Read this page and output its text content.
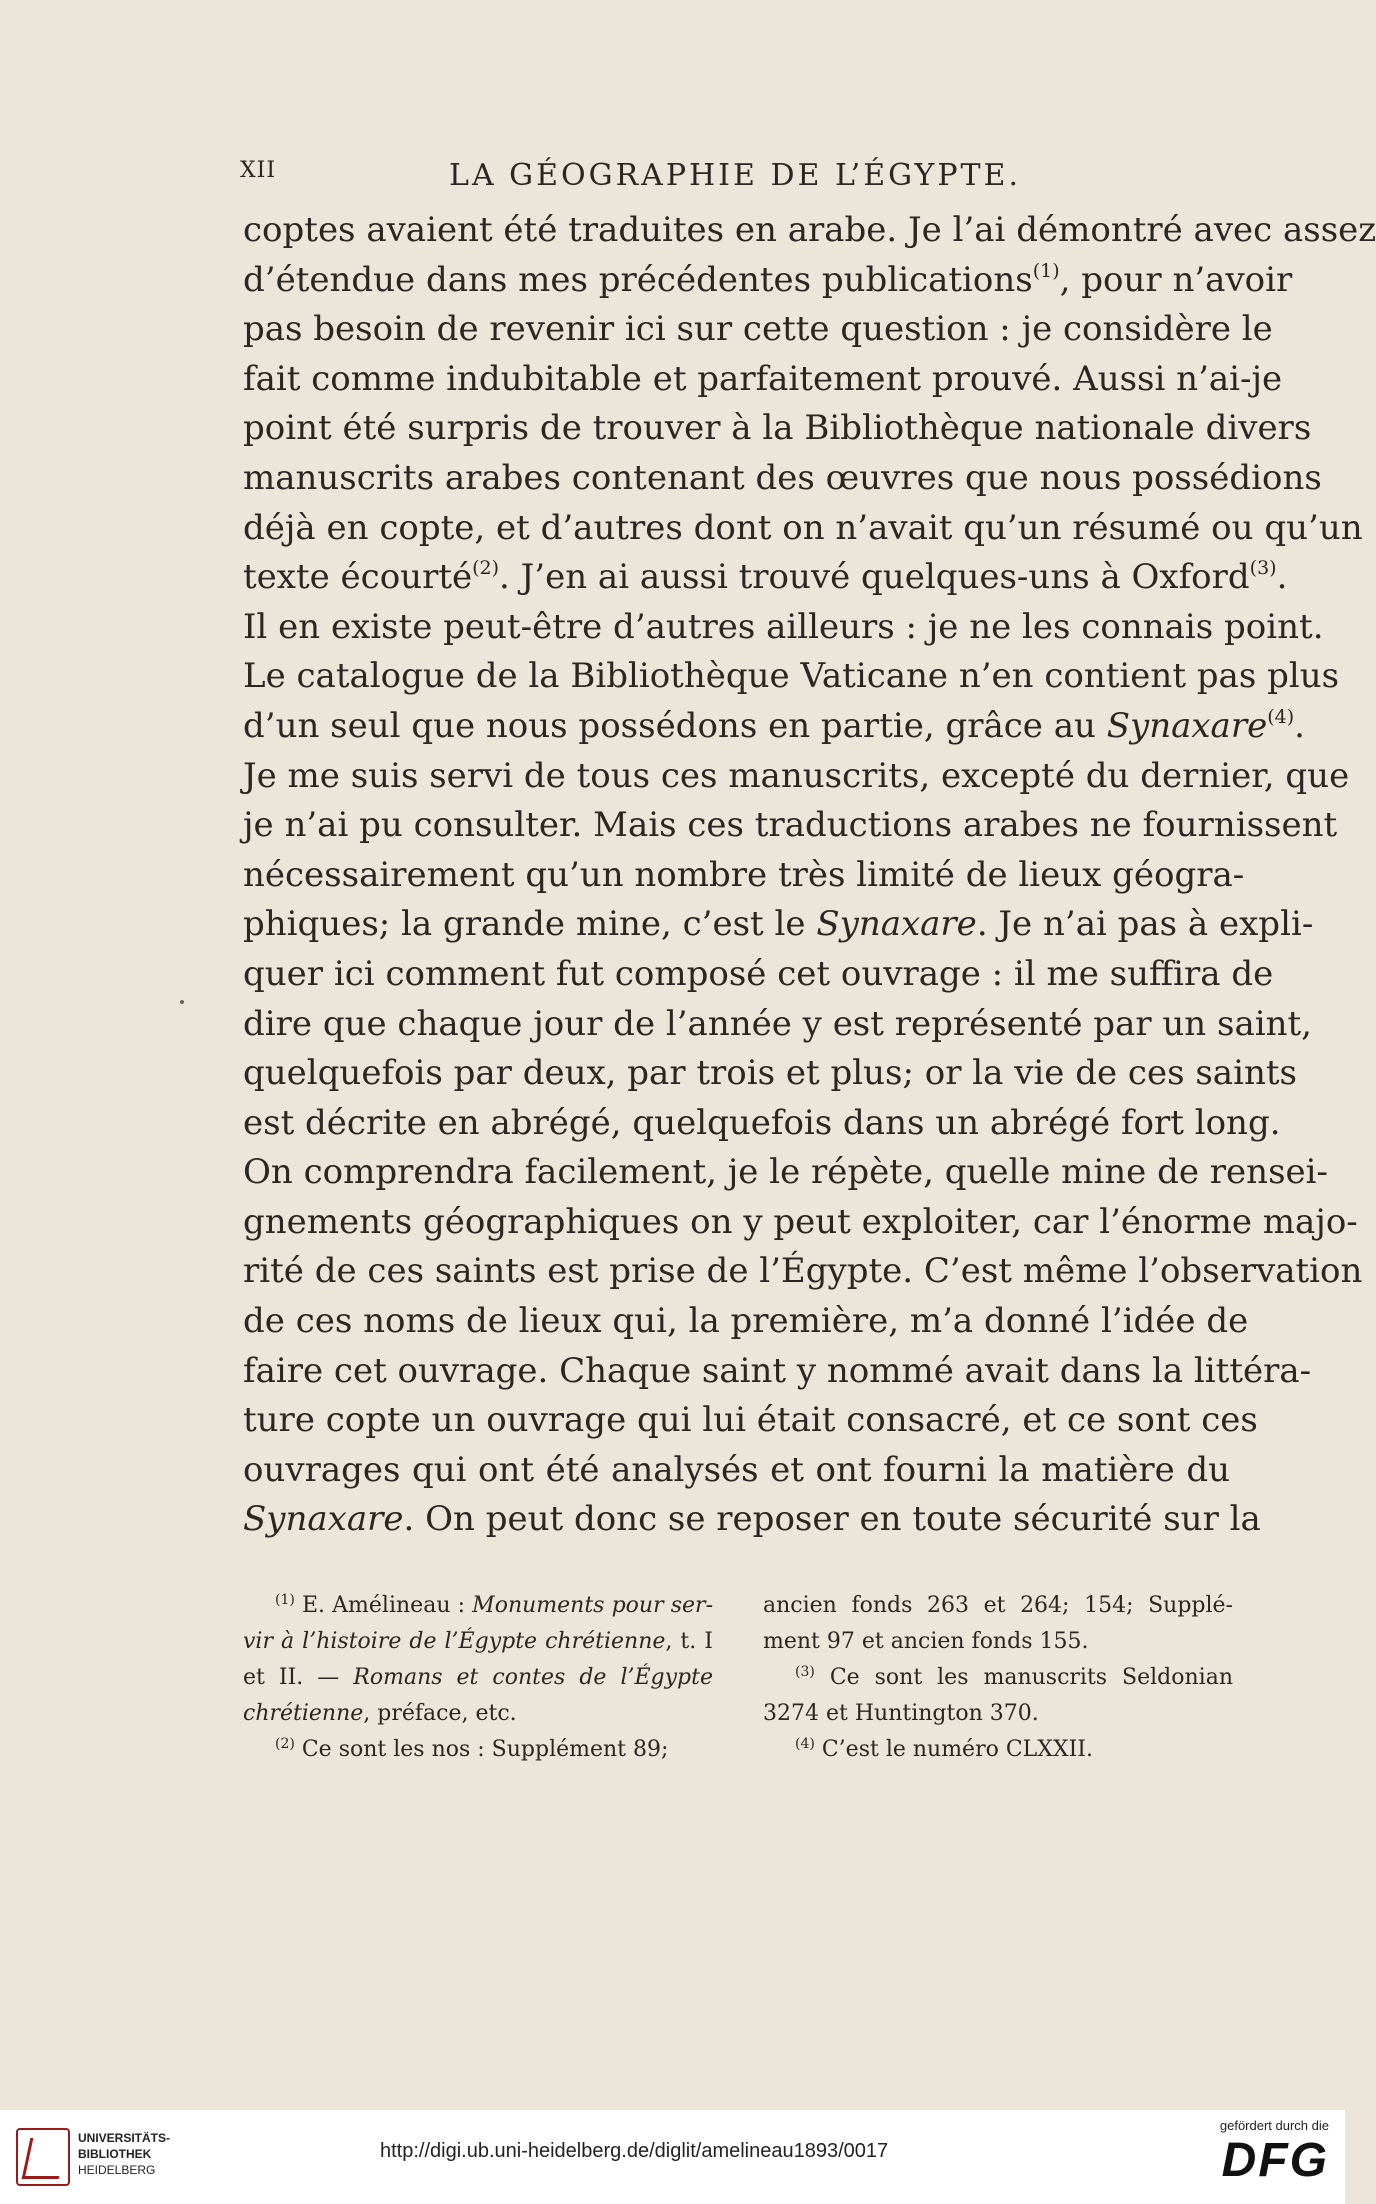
XII	LA GÉOGRAPHIE DE L’ÉGYPTE.
coptes avaient été traduites en arabe. Je l’ai démontré avec assez
d’étendue dans mes précédentes publications$^{(1)}$, pour n’avoir
pas besoin de revenir ici sur cette question : je considère le
fait comme indubitable et parfaitement prouvé. Aussi n’ai-je
point été surpris de trouver à la Bibliothèque nationale divers
manuscrits arabes contenant des œuvres que nous possédions
déjà en copte, et d’autres dont on n’avait qu’un résumé ou qu’un
texte écourté$^{(2)}$. J’en ai aussi trouvé quelques-uns à Oxford$^{(3)}$.
Il en existe peut-être d’autres ailleurs : je ne les connais point.
Le catalogue de la Bibliothèque Vaticane n’en contient pas plus
d’un seul que nous possédons en partie, grâce au Synaxare$^{(4)}$.
Je me suis servi de tous ces manuscrits, excepté du dernier, que
je n’ai pu consulter. Mais ces traductions arabes ne fournissent
nécessairement qu’un nombre très limité de lieux géogra-
phiques; la grande mine, c’est le Synaxare. Je n’ai pas à expli-
quer ici comment fut composé cet ouvrage : il me suffira de
dire que chaque jour de l’année y est représenté par un saint,
quelquefois par deux, par trois et plus; or la vie de ces saints
est décrite en abrégé, quelquefois dans un abrégé fort long.
On comprendra facilement, je le répète, quelle mine de rensei-
gnements géographiques on y peut exploiter, car l’énorme majo-
rité de ces saints est prise de l’Égypte. C’est même l’observation
de ces noms de lieux qui, la première, m’a donné l’idée de
faire cet ouvrage. Chaque saint y nommé avait dans la littéra-
ture copte un ouvrage qui lui était consacré, et ce sont ces
ouvrages qui ont été analysés et ont fourni la matière du
Synaxare. On peut donc se reposer en toute sécurité sur la
$^{(1)}$ E. Amélineau : Monuments pour ser-
vir à l’histoire de l’Égypte chrétienne, t. I
et II. — Romans et contes de l’Égypte
chrétienne, préface, etc.
$^{(2)}$ Ce sont les nos : Supplément 89;
ancien fonds 263 et 264; 154; Supplé-
ment 97 et ancien fonds 155.
$^{(3)}$ Ce sont les manuscrits Seldonian
3274 et Huntington 370.
$^{(4)}$ C’est le numéro CLXXII.
UNIVERSITÄTS-
BIBLIOTHEK
HEIDELBERG
http://digi.ub.uni-heidelberg.de/diglit/amelineau1893/0017
gefördert durch die
DFG
